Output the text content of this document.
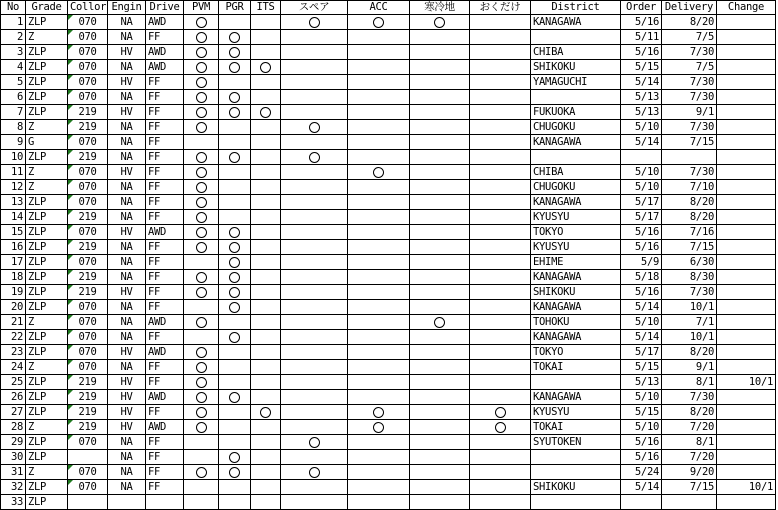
No	Grade	Collor	Engin	Drive	PVM	PGR	ITS	スペア	ACC	寒冷地	おくだけ	District	Order	Delivery	Change
1	ZLP	070	NA	AWD								KANAGAWA	5/16	8/20	
2	Z	070	NA	FF									5/11	7/5	
3	ZLP	070	HV	AWD								CHIBA	5/16	7/30	
4	ZLP	070	NA	AWD								SHIKOKU	5/15	7/5	
5	ZLP	070	HV	FF								YAMAGUCHI	5/14	7/30	
6	ZLP	070	NA	FF									5/13	7/30	
7	ZLP	219	HV	FF								FUKUOKA	5/13	9/1	
8	Z	219	NA	FF								CHUGOKU	5/10	7/30	
9	G	070	NA	FF								KANAGAWA	5/14	7/15	
10	ZLP	219	NA	FF											
11	Z	070	HV	FF								CHIBA	5/10	7/30	
12	Z	070	NA	FF								CHUGOKU	5/10	7/10	
13	ZLP	070	NA	FF								KANAGAWA	5/17	8/20	
14	ZLP	219	NA	FF								KYUSYU	5/17	8/20	
15	ZLP	070	HV	AWD								TOKYO	5/16	7/16	
16	ZLP	219	NA	FF								KYUSYU	5/16	7/15	
17	ZLP	070	NA	FF								EHIME	5/9	6/30	
18	ZLP	219	NA	FF								KANAGAWA	5/18	8/30	
19	ZLP	219	HV	FF								SHIKOKU	5/16	7/30	
20	ZLP	070	NA	FF								KANAGAWA	5/14	10/1	
21	Z	070	NA	AWD								TOHOKU	5/10	7/1	
22	ZLP	070	NA	FF								KANAGAWA	5/14	10/1	
23	ZLP	070	HV	AWD								TOKYO	5/17	8/20	
24	Z	070	NA	FF								TOKAI	5/15	9/1	
25	ZLP	219	HV	FF									5/13	8/1	10/1
26	ZLP	219	HV	AWD								KANAGAWA	5/10	7/30	
27	ZLP	219	HV	FF								KYUSYU	5/15	8/20	
28	Z	219	HV	AWD								TOKAI	5/10	7/20	
29	ZLP	070	NA	FF								SYUTOKEN	5/16	8/1	
30	ZLP		NA	FF									5/16	7/20	
31	Z	070	NA	FF									5/24	9/20	
32	ZLP	070	NA	FF								SHIKOKU	5/14	7/15	10/1
33	ZLP														
